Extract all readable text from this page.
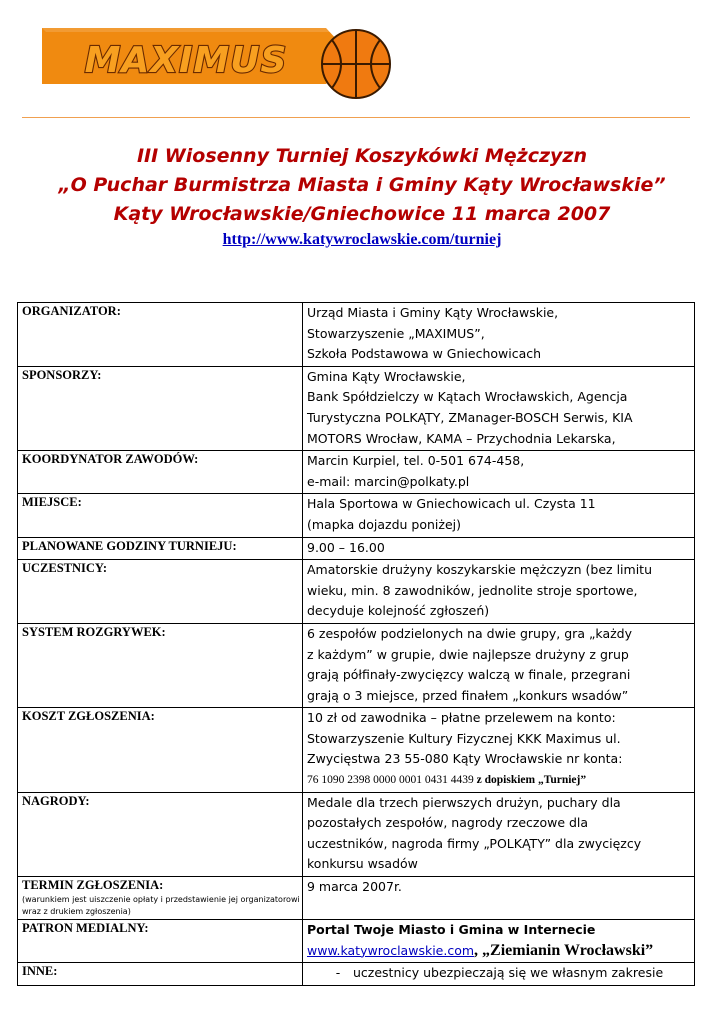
MAXIMUS
III Wiosenny Turniej Koszykówki Mężczyzn
„O Puchar Burmistrza Miasta i Gminy Kąty Wrocławskie”
Kąty Wrocławskie/Gniechowice 11 marca 2007
http://www.katywroclawskie.com/turniej
ORGANIZATOR:	Urząd Miasta i Gminy Kąty Wrocławskie,
Stowarzyszenie „MAXIMUS”,
Szkoła Podstawowa w Gniechowicach

SPONSORZY:	Gmina Kąty Wrocławskie,
Bank Spółdzielczy w Kątach Wrocławskich, Agencja
Turystyczna POLKĄTY, ZManager-BOSCH Serwis, KIA
MOTORS Wrocław, KAMA – Przychodnia Lekarska,

KOORDYNATOR ZAWODÓW:	Marcin Kurpiel, tel. 0-501 674-458,
e-mail: marcin@polkaty.pl

MIEJSCE:	Hala Sportowa w Gniechowicach ul. Czysta 11
(mapka dojazdu poniżej)

PLANOWANE GODZINY TURNIEJU:	9.00 – 16.00

UCZESTNICY:	Amatorskie drużyny koszykarskie mężczyzn (bez limitu
wieku, min. 8 zawodników, jednolite stroje sportowe,
decyduje kolejność zgłoszeń)

SYSTEM ROZGRYWEK:	6 zespołów podzielonych na dwie grupy, gra „każdy
z każdym” w grupie, dwie najlepsze drużyny z grup
grają półfinały-zwycięzcy walczą w finale, przegrani
grają o 3 miejsce, przed finałem „konkurs wsadów”

KOSZT ZGŁOSZENIA:	10 zł od zawodnika – płatne przelewem na konto:
Stowarzyszenie Kultury Fizycznej KKK Maximus ul.
Zwycięstwa 23 55-080 Kąty Wrocławskie nr konta:
76 1090 2398 0000 0001 0431 4439 z dopiskiem „Turniej”

NAGRODY:	Medale dla trzech pierwszych drużyn, puchary dla
pozostałych zespołów, nagrody rzeczowe dla
uczestników, nagroda firmy „POLKĄTY” dla zwycięzcy
konkursu wsadów

TERMIN ZGŁOSZENIA:
(warunkiem jest uiszczenie opłaty i przedstawienie jej organizatorowi wraz z drukiem zgłoszenia)	9 marca 2007r.

PATRON MEDIALNY:	Portal Twoje Miasto i Gmina w Internecie
www.katywroclawskie.com, „Ziemianin Wrocławski”

INNE:	- uczestnicy ubezpieczają się we własnym zakresie
